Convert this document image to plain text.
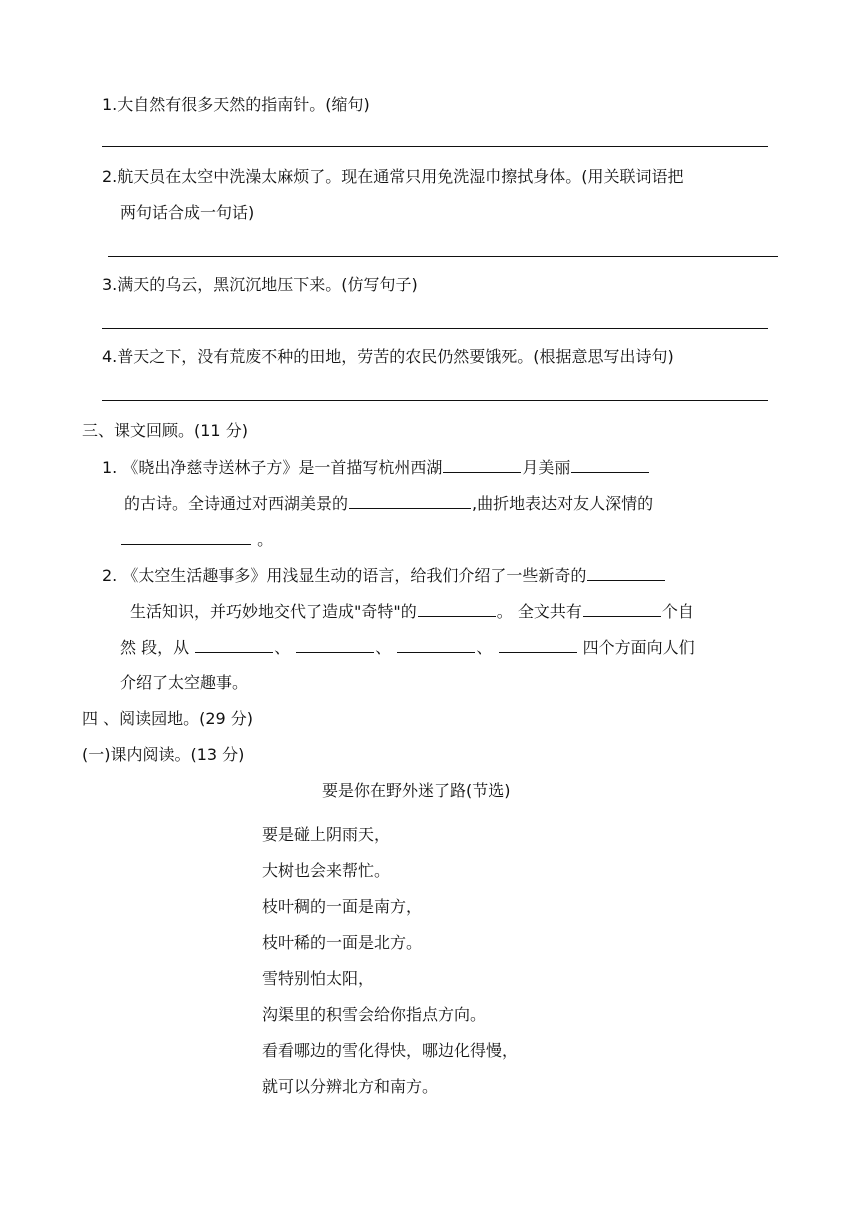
1.大自然有很多天然的指南针。(缩句)
2.航天员在太空中洗澡太麻烦了。现在通常只用免洗湿巾擦拭身体。(用关联词语把
两句话合成一句话)
3.满天的乌云，黑沉沉地压下来。(仿写句子)
4.普天之下，没有荒废不种的田地，劳苦的农民仍然要饿死。(根据意思写出诗句)
三、课文回顾。(11 分)
1. 《晓出净慈寺送林子方》是一首描写杭州西湖	月美丽
的古诗。全诗通过对西湖美景的	,曲折地表达对友人深情的
。
2. 《太空生活趣事多》用浅显生动的语言，给我们介绍了一些新奇的
生活知识，并巧妙地交代了造成"奇特"的	。 全文共有	个自
然 段，从	、	、	、	四个方面向人们
介绍了太空趣事。
四 、阅读园地。(29 分)
(一)课内阅读。(13 分)
要是你在野外迷了路(节选)
要是碰上阴雨天，
大树也会来帮忙。
枝叶稠的一面是南方，
枝叶稀的一面是北方。
雪特别怕太阳，
沟渠里的积雪会给你指点方向。
看看哪边的雪化得快，哪边化得慢，
就可以分辨北方和南方。
